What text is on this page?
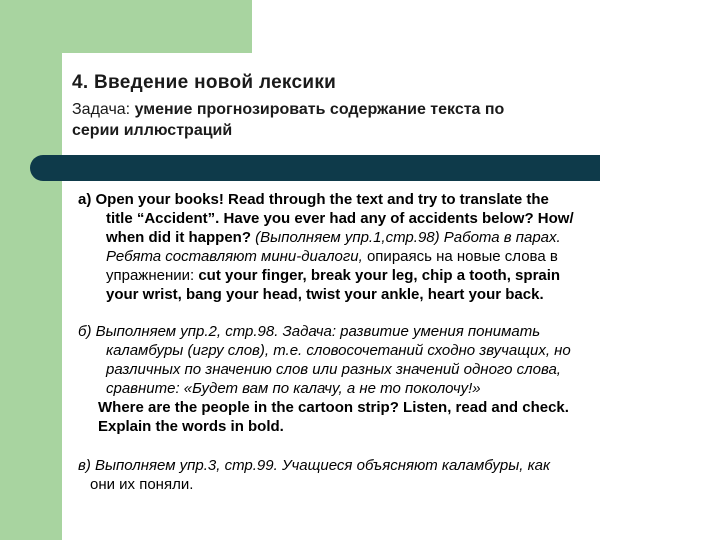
4. Введение новой лексики
Задача: умение прогнозировать содержание текста по
серии иллюстраций
а) Open your books! Read through the text and try to translate the
title “Accident”. Have you ever had any of accidents below? How/
when did it happen? (Выполняем упр.1,стр.98) Работа в парах.
Ребята составляют мини-диалоги, опираясь на новые слова в
упражнении: cut your finger, break your leg, chip a tooth, sprain
your wrist, bang your head, twist your ankle, heart your back.
б) Выполняем упр.2, стр.98. Задача: развитие умения понимать
каламбуры (игру слов), т.е. словосочетаний сходно звучащих, но
различных по значению слов или разных значений одного слова,
сравните: «Будет вам по калачу, а не то поколочу!»
Where are the people in the cartoon strip? Listen, read and check.
Explain the words in bold.
в) Выполняем упр.3, стр.99. Учащиеся объясняют каламбуры, как
они их поняли.
